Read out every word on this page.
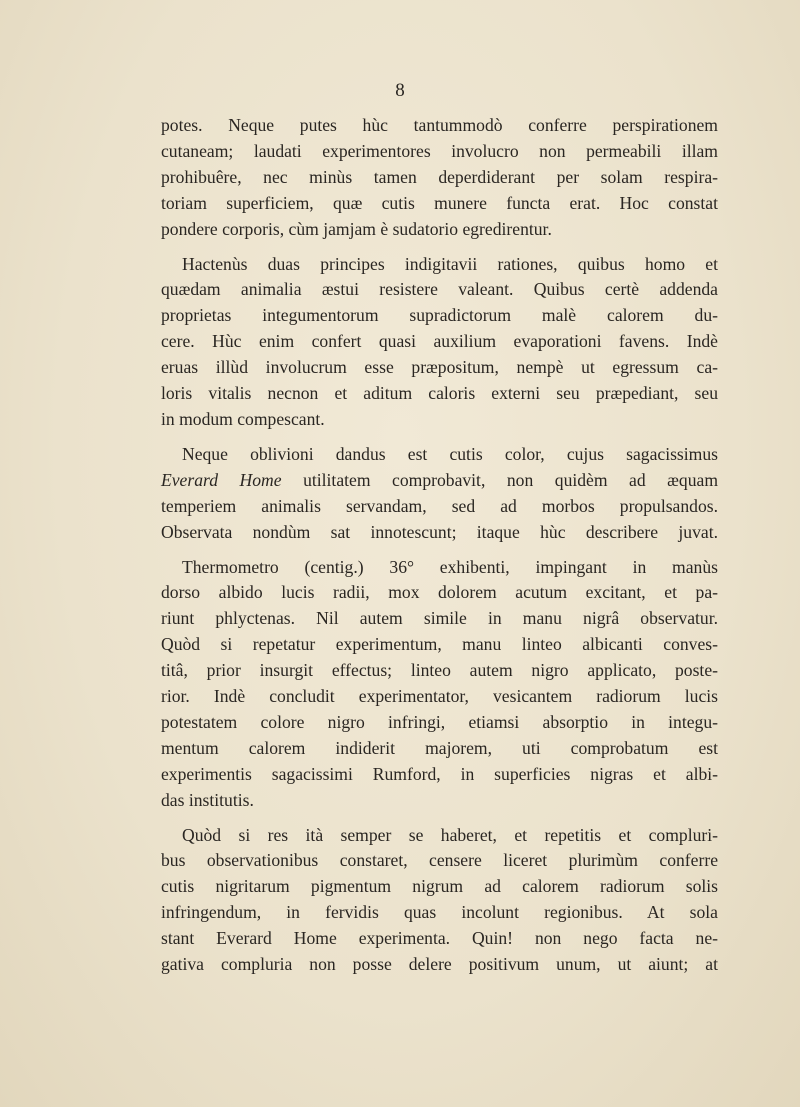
8

potes. Neque putes hùc tantummodò conferre perspirationem
cutaneam; laudati experimentores involucro non permeabili illam
prohibuêre, nec minùs tamen deperdiderant per solam respira-
toriam superficiem, quæ cutis munere functa erat. Hoc constat
pondere corporis, cùm jamjam è sudatorio egredirentur.

Hactenùs duas principes indigitavii rationes, quibus homo et
quædam animalia æstui resistere valeant. Quibus certè addenda
proprietas integumentorum supradictorum malè calorem du-
cere. Hùc enim confert quasi auxilium evaporationi favens. Indè
eruas illùd involucrum esse præpositum, nempè ut egressum ca-
loris vitalis necnon et aditum caloris externi seu præpediant, seu
in modum compescant.

Neque oblivioni dandus est cutis color, cujus sagacissimus
Everard Home utilitatem comprobavit, non quidèm ad æquam
temperiem animalis servandam, sed ad morbos propulsandos.
Observata nondùm sat innotescunt; itaque hùc describere juvat.

Thermometro (centig.) 36° exhibenti, impingant in manùs
dorso albido lucis radii, mox dolorem acutum excitant, et pa-
riunt phlyctenas. Nil autem simile in manu nigrâ observatur.
Quòd si repetatur experimentum, manu linteo albicanti conves-
titâ, prior insurgit effectus; linteo autem nigro applicato, poste-
rior. Indè concludit experimentator, vesicantem radiorum lucis
potestatem colore nigro infringi, etiamsi absorptio in integu-
mentum calorem indiderit majorem, uti comprobatum est
experimentis sagacissimi Rumford, in superficies nigras et albi-
das institutis.

Quòd si res ità semper se haberet, et repetitis et compluri-
bus observationibus constaret, censere liceret plurimùm conferre
cutis nigritarum pigmentum nigrum ad calorem radiorum solis
infringendum, in fervidis quas incolunt regionibus. At sola
stant Everard Home experimenta. Quin! non nego facta ne-
gativa compluria non posse delere positivum unum, ut aiunt; at
